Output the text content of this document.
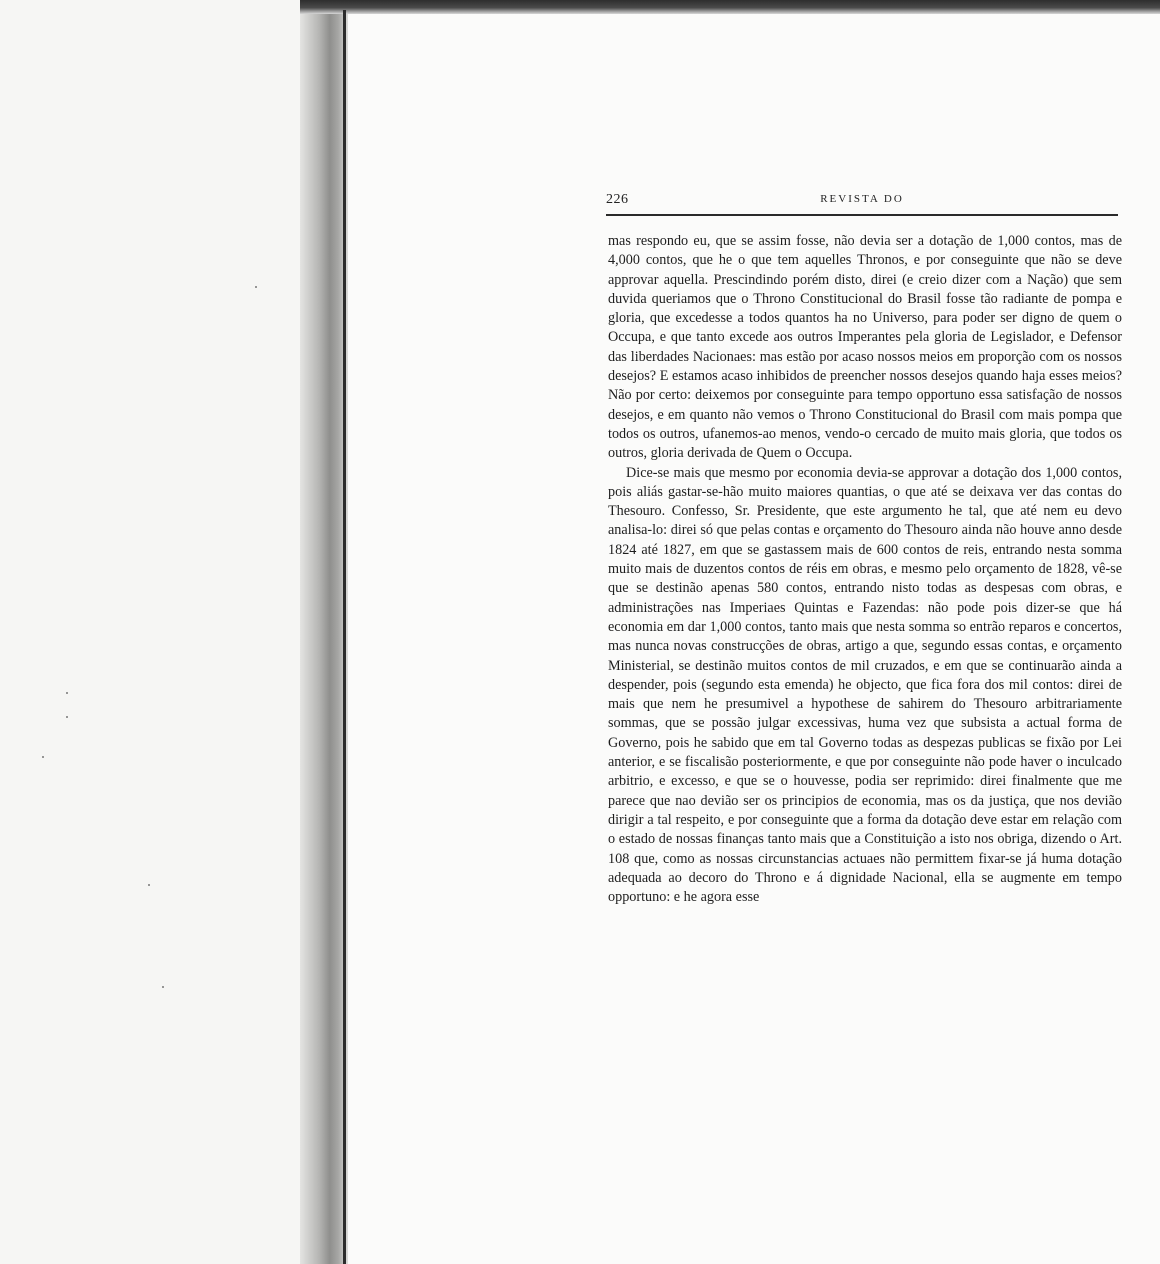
226	REVISTA DO

mas respondo eu, que se assim fosse, não devia ser a dotação de 1,000 contos, mas de 4,000 contos, que he o que tem aquelles Thronos, e por conseguinte que não se deve approvar aquella. Prescindindo porém disto, direi (e creio dizer com a Nação) que sem duvida queriamos que o Throno Constitucional do Brasil fosse tão radiante de pompa e gloria, que excedesse a todos quantos ha no Universo, para poder ser digno de quem o Occupa, e que tanto excede aos outros Imperantes pela gloria de Legislador, e Defensor das liberdades Nacionaes: mas estão por acaso nossos meios em proporção com os nossos desejos? E estamos acaso inhibidos de preencher nossos desejos quando haja esses meios? Não por certo: deixemos por conseguinte para tempo opportuno essa satisfação de nossos desejos, e em quanto não vemos o Throno Constitucional do Brasil com mais pompa que todos os outros, ufanemos-ao menos, vendo-o cercado de muito mais gloria, que todos os outros, gloria derivada de Quem o Occupa.

Dice-se mais que mesmo por economia devia-se approvar a dotação dos 1,000 contos, pois aliás gastar-se-hão muito maiores quantias, o que até se deixava ver das contas do Thesouro. Confesso, Sr. Presidente, que este argumento he tal, que até nem eu devo analisa-lo: direi só que pelas contas e orçamento do Thesouro ainda não houve anno desde 1824 até 1827, em que se gastassem mais de 600 contos de reis, entrando nesta somma muito mais de duzentos contos de réis em obras, e mesmo pelo orçamento de 1828, vê-se que se destinão apenas 580 contos, entrando nisto todas as despesas com obras, e administrações nas Imperiaes Quintas e Fazendas: não pode pois dizer-se que há economia em dar 1,000 contos, tanto mais que nesta somma so entrão reparos e concertos, mas nunca novas construcções de obras, artigo a que, segundo essas contas, e orçamento Ministerial, se destinão muitos contos de mil cruzados, e em que se continuarão ainda a despender, pois (segundo esta emenda) he objecto, que fica fora dos mil contos: direi de mais que nem he presumivel a hypothese de sahirem do Thesouro arbitrariamente sommas, que se possão julgar excessivas, huma vez que subsista a actual forma de Governo, pois he sabido que em tal Governo todas as despezas publicas se fixão por Lei anterior, e se fiscalisão posteriormente, e que por conseguinte não pode haver o inculcado arbitrio, e excesso, e que se o houvesse, podia ser reprimido: direi finalmente que me parece que nao devião ser os principios de economia, mas os da justiça, que nos devião dirigir a tal respeito, e por conseguinte que a forma da dotação deve estar em relação com o estado de nossas finanças tanto mais que a Constituição a isto nos obriga, dizendo o Art. 108 que, como as nossas circunstancias actuaes não permittem fixar-se já huma dotação adequada ao decoro do Throno e á dignidade Nacional, ella se augmente em tempo opportuno: e he agora esse
